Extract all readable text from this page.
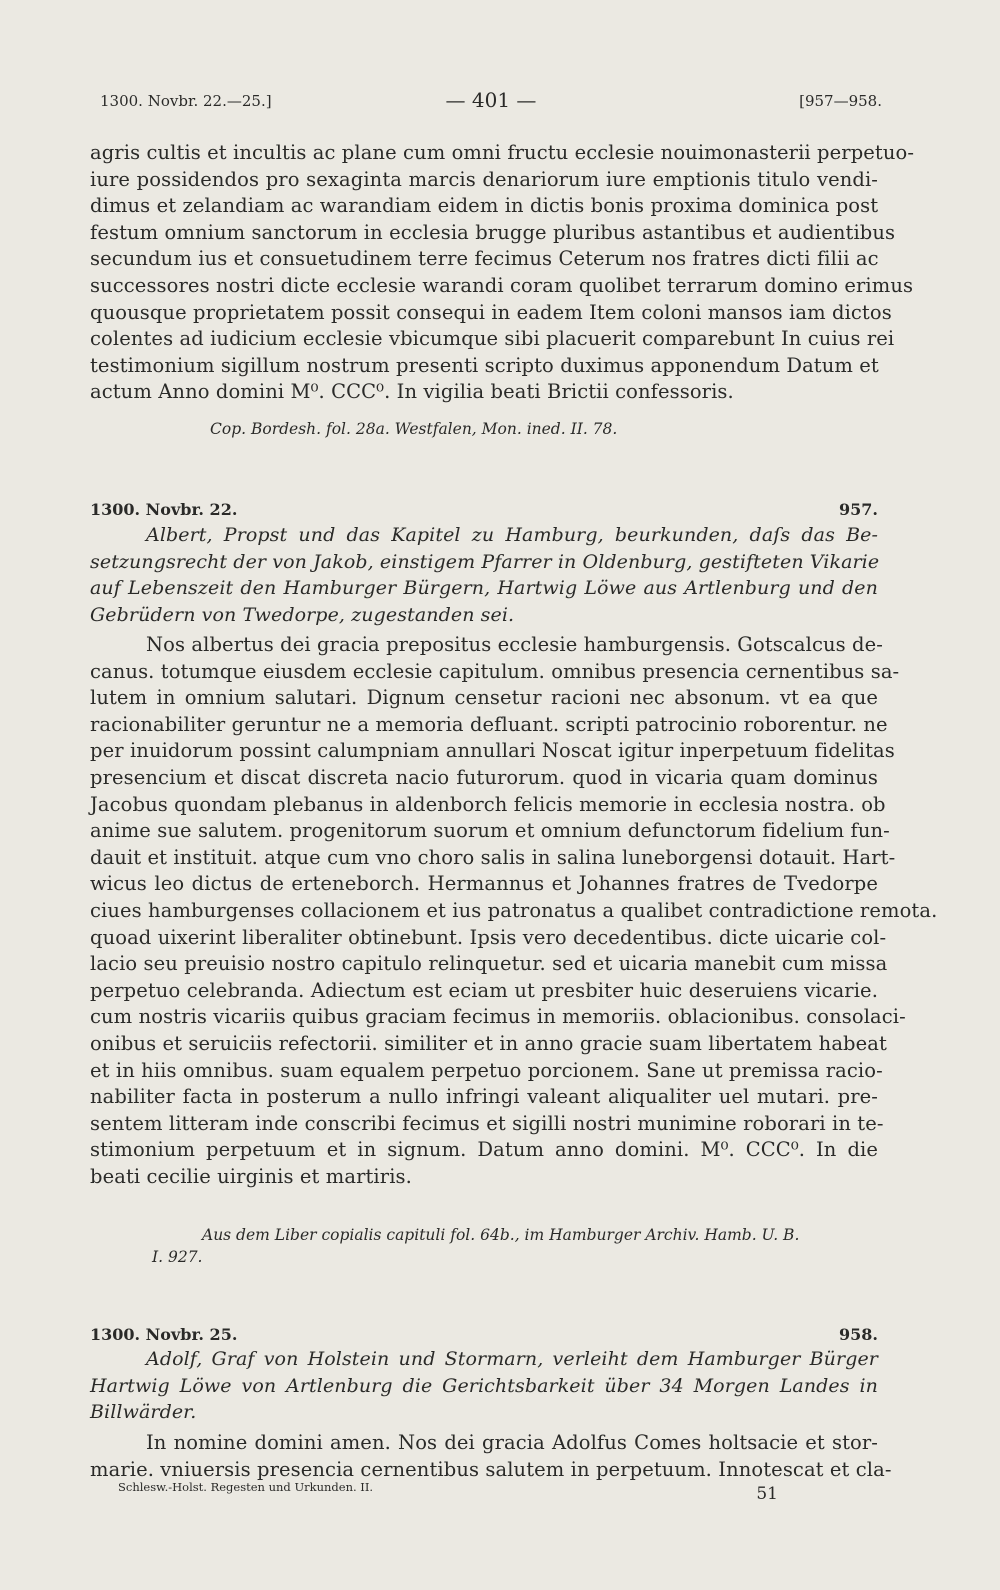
1300. Novbr. 22.—25.]	— 401 —	[957—958.
agris cultis et incultis ac plane cum omni fructu ecclesie nouimonasterii perpetuo-
iure possidendos pro sexaginta marcis denariorum iure emptionis titulo vendi-
dimus et zelandiam ac warandiam eidem in dictis bonis proxima dominica post
festum omnium sanctorum in ecclesia brugge pluribus astantibus et audientibus
secundum ius et consuetudinem terre fecimus Ceterum nos fratres dicti filii ac
successores nostri dicte ecclesie warandi coram quolibet terrarum domino erimus
quousque proprietatem possit consequi in eadem Item coloni mansos iam dictos
colentes ad iudicium ecclesie vbicumque sibi placuerit comparebunt In cuius rei
testimonium sigillum nostrum presenti scripto duximus apponendum Datum et
actum Anno domini M⁰. CCC⁰. In vigilia beati Brictii confessoris.
Cop. Bordesh. fol. 28a. Westfalen, Mon. ined. II. 78.
1300. Novbr. 22.	957.
Albert, Propst und das Kapitel zu Hamburg, beurkunden, daſs das Be-
setzungsrecht der von Jakob, einstigem Pfarrer in Oldenburg, gestifteten Vikarie
auf Lebenszeit den Hamburger Bürgern, Hartwig Löwe aus Artlenburg und den
Gebrüdern von Twedorpe, zugestanden sei.
Nos albertus dei gracia prepositus ecclesie hamburgensis. Gotscalcus de-
canus. totumque eiusdem ecclesie capitulum. omnibus presencia cernentibus sa-
lutem in omnium salutari. Dignum censetur racioni nec absonum. vt ea que
racionabiliter geruntur ne a memoria defluant. scripti patrocinio roborentur. ne
per inuidorum possint calumpniam annullari Noscat igitur inperpetuum fidelitas
presencium et discat discreta nacio futurorum. quod in vicaria quam dominus
Jacobus quondam plebanus in aldenborch felicis memorie in ecclesia nostra. ob
anime sue salutem. progenitorum suorum et omnium defunctorum fidelium fun-
dauit et instituit. atque cum vno choro salis in salina luneborgensi dotauit. Hart-
wicus leo dictus de erteneborch. Hermannus et Johannes fratres de Tvedorpe
ciues hamburgenses collacionem et ius patronatus a qualibet contradictione remota.
quoad uixerint liberaliter obtinebunt. Ipsis vero decedentibus. dicte uicarie col-
lacio seu preuisio nostro capitulo relinquetur. sed et uicaria manebit cum missa
perpetuo celebranda. Adiectum est eciam ut presbiter huic deseruiens vicarie.
cum nostris vicariis quibus graciam fecimus in memoriis. oblacionibus. consolaci-
onibus et seruiciis refectorii. similiter et in anno gracie suam libertatem habeat
et in hiis omnibus. suam equalem perpetuo porcionem. Sane ut premissa racio-
nabiliter facta in posterum a nullo infringi valeant aliqualiter uel mutari. pre-
sentem litteram inde conscribi fecimus et sigilli nostri munimine roborari in te-
stimonium perpetuum et in signum. Datum anno domini. M⁰. CCC⁰. In die
beati cecilie uirginis et martiris.
Aus dem Liber copialis capituli fol. 64b., im Hamburger Archiv. Hamb. U. B.
I. 927.
1300. Novbr. 25.	958.
Adolf, Graf von Holstein und Stormarn, verleiht dem Hamburger Bürger
Hartwig Löwe von Artlenburg die Gerichtsbarkeit über 34 Morgen Landes in
Billwärder.
In nomine domini amen. Nos dei gracia Adolfus Comes holtsacie et stor-
marie. vniuersis presencia cernentibus salutem in perpetuum. Innotescat et cla-
Schlesw.-Holst. Regesten und Urkunden. II.	51
